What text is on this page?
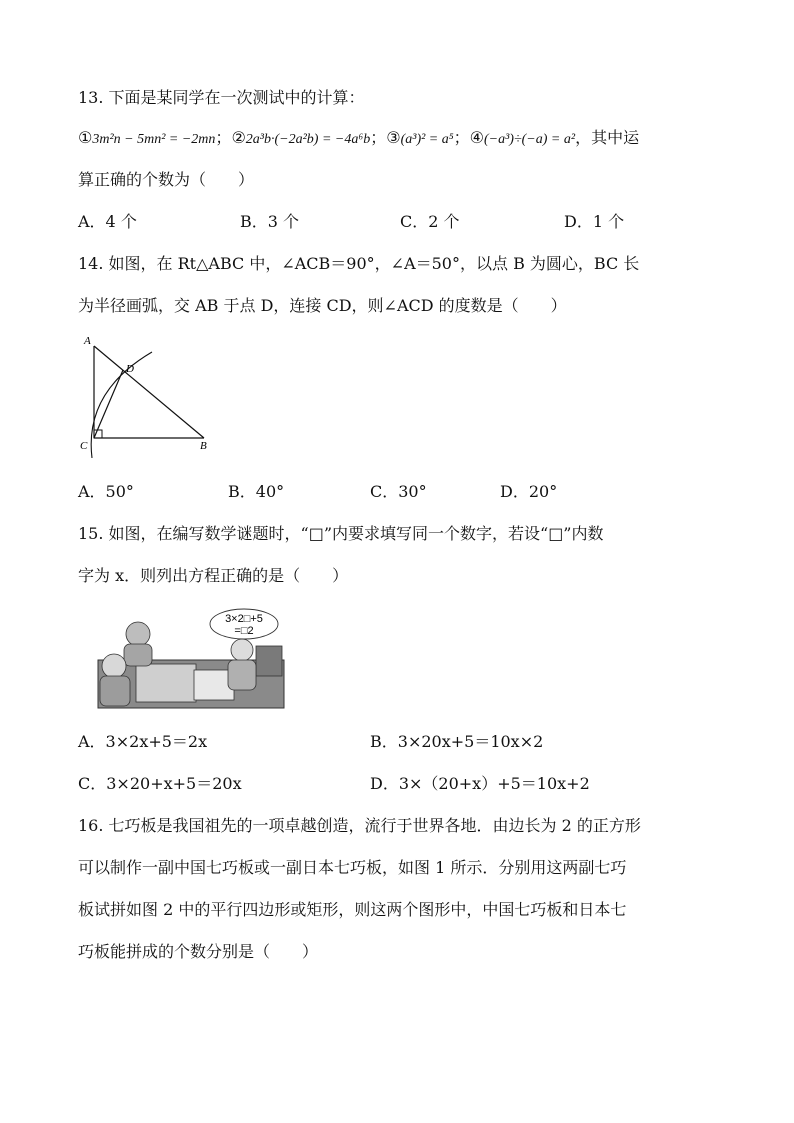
13. 下面是某同学在一次测试中的计算：
①3m²n − 5mn² = −2mn；②2a³b·(−2a²b) = −4a⁶b；③(a³)² = a⁵；④(−a³)÷(−a) = a²，其中运
算正确的个数为（　　）
A．4 个	B．3 个	C．2 个	D．1 个
14. 如图，在 Rt△ABC 中，∠ACB＝90°，∠A＝50°，以点 B 为圆心，BC 长
为半径画弧，交 AB 于点 D，连接 CD，则∠ACD 的度数是（　　）
A
D
C	B
A．50°	B．40°	C．30°	D．20°
15. 如图，在编写数学谜题时，“□”内要求填写同一个数字，若设“□”内数
字为 x．则列出方程正确的是（　　）
3×2□+5
=□2
A．3×2x+5＝2x	B．3×20x+5＝10x×2
C．3×20+x+5＝20x	D．3×（20+x）+5＝10x+2
16. 七巧板是我国祖先的一项卓越创造，流行于世界各地．由边长为 2 的正方形
可以制作一副中国七巧板或一副日本七巧板，如图 1 所示．分别用这两副七巧
板试拼如图 2 中的平行四边形或矩形，则这两个图形中，中国七巧板和日本七
巧板能拼成的个数分别是（　　）
